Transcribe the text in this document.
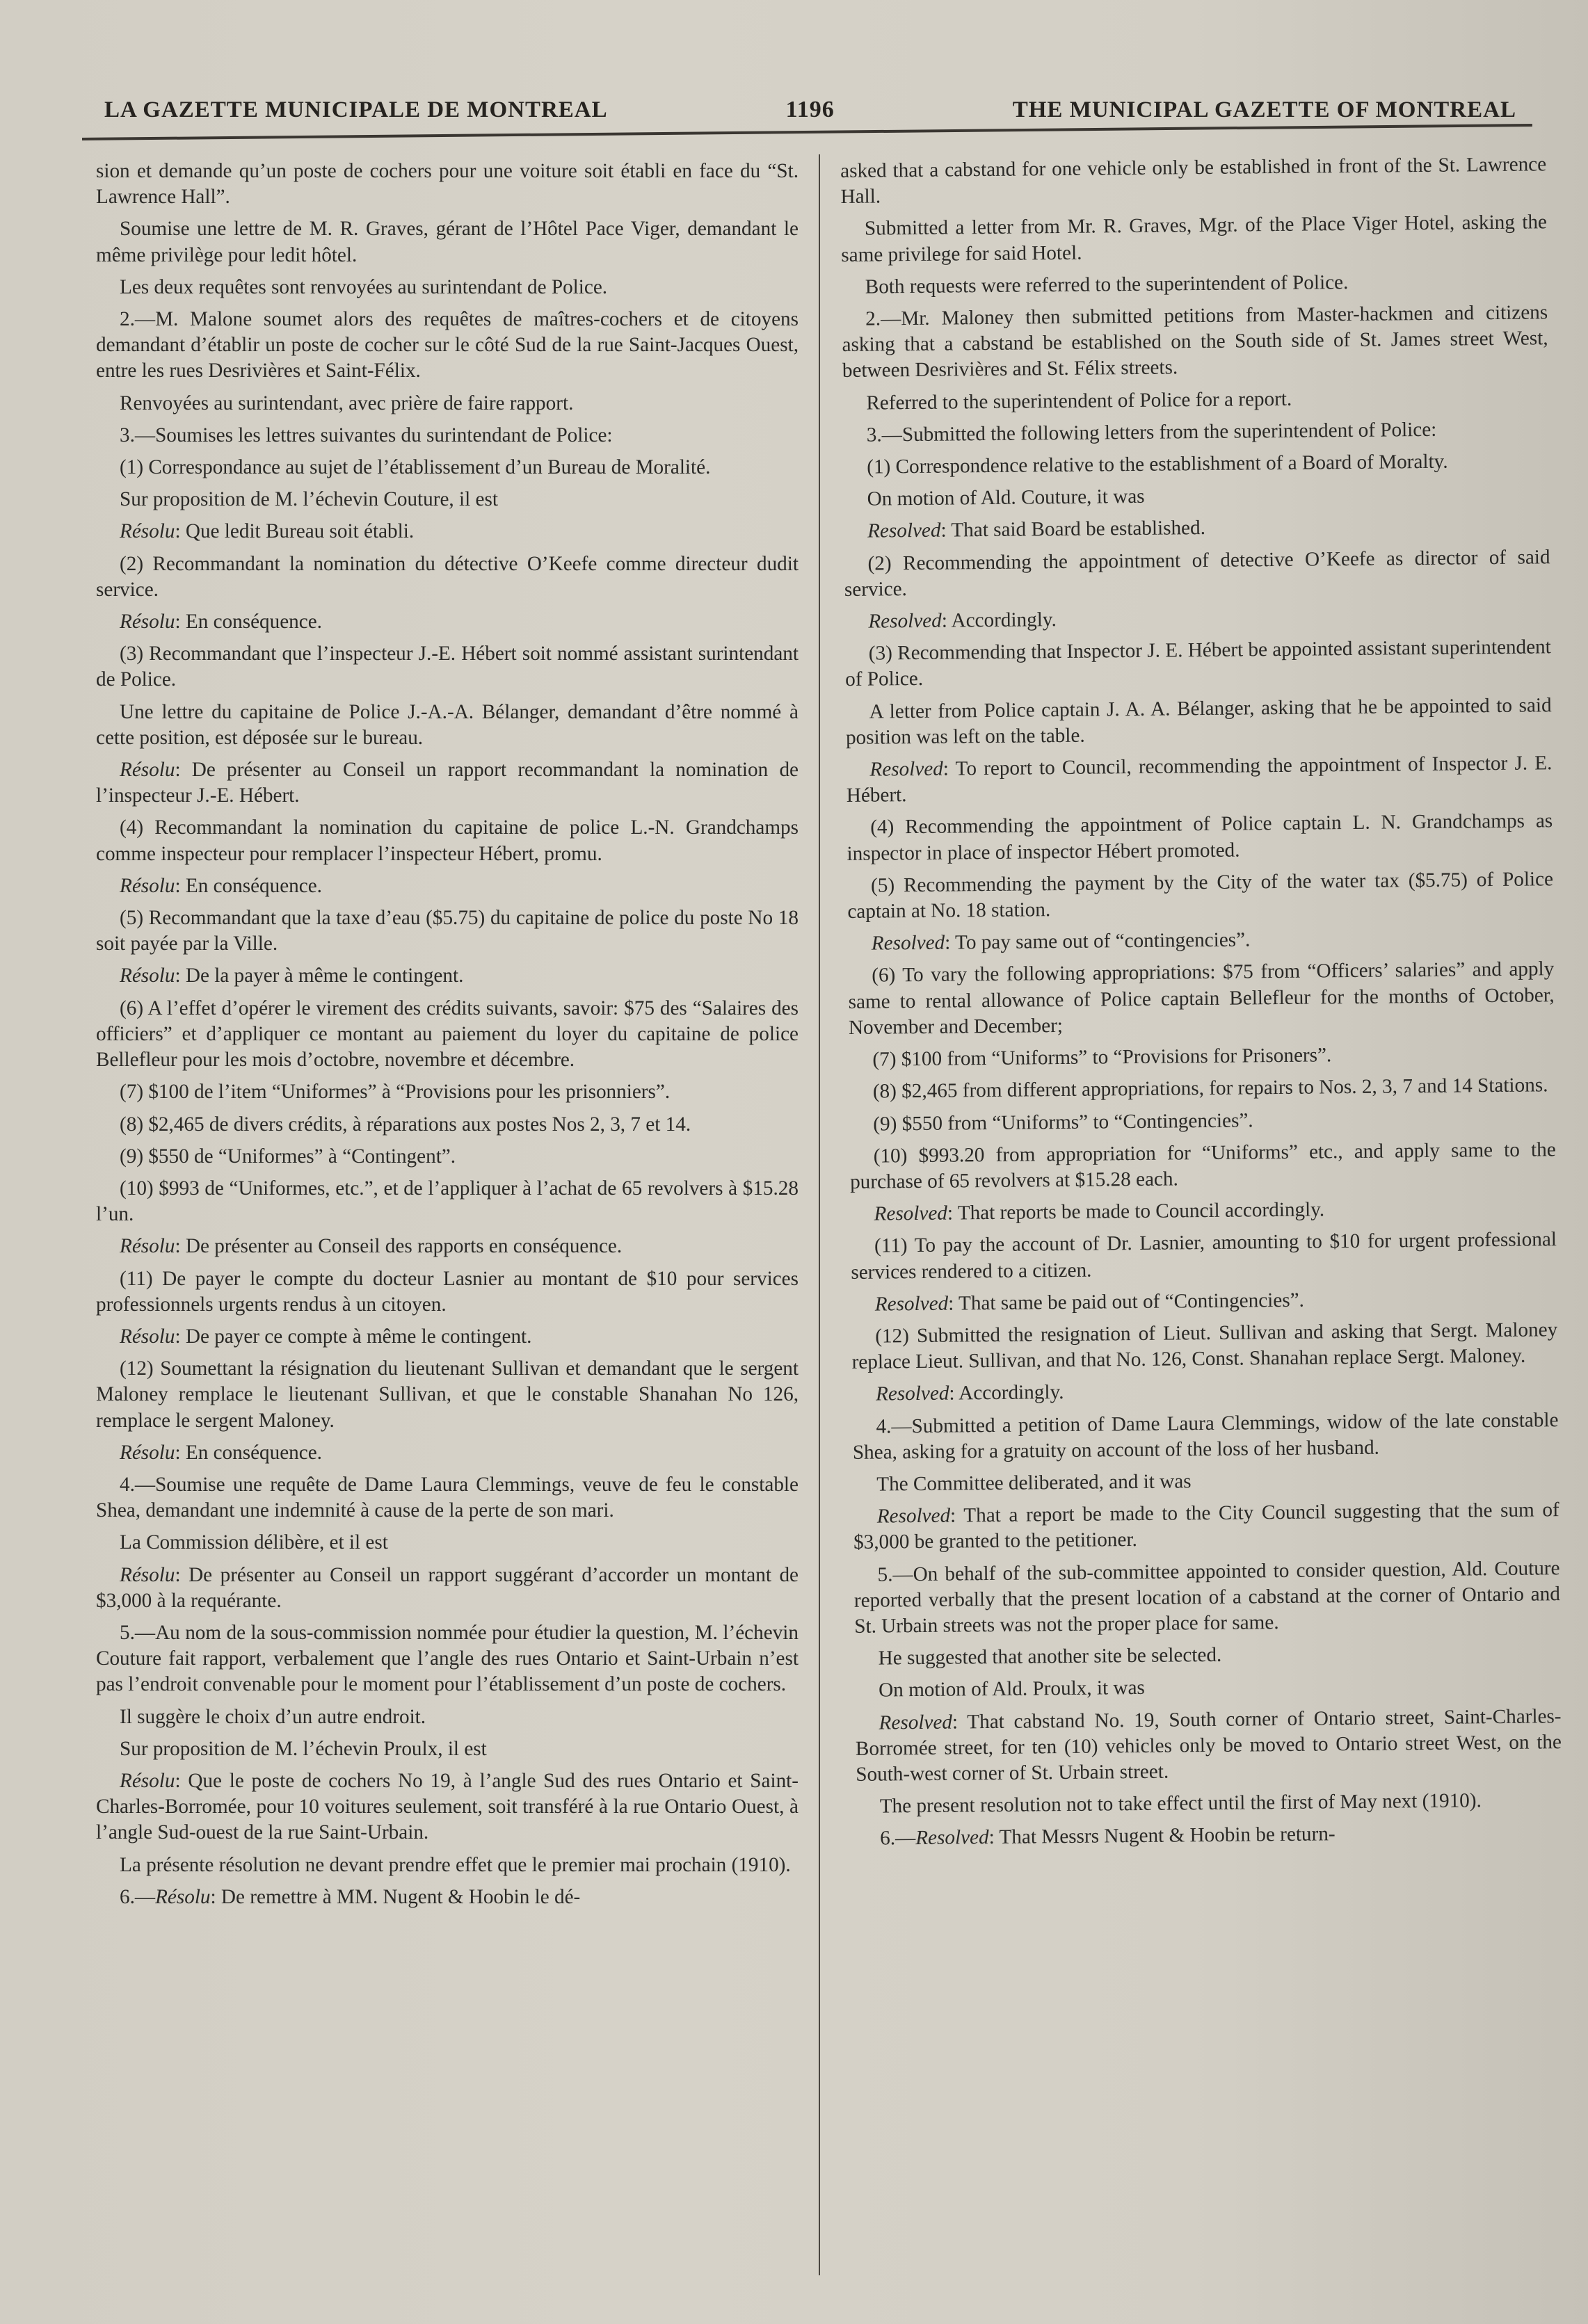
LA GAZETTE MUNICIPALE DE MONTREAL	1196	THE MUNICIPAL GAZETTE OF MONTREAL

sion et demande qu’un poste de cochers pour une voiture soit établi en face du “St. Lawrence Hall”.

Soumise une lettre de M. R. Graves, gérant de l’Hôtel Pace Viger, demandant le même privilège pour ledit hôtel.

Les deux requêtes sont renvoyées au surintendant de Police.

2.—M. Malone soumet alors des requêtes de maîtres-cochers et de citoyens demandant d’établir un poste de cocher sur le côté Sud de la rue Saint-Jacques Ouest, entre les rues Desrivières et Saint-Félix.

Renvoyées au surintendant, avec prière de faire rapport.

3.—Soumises les lettres suivantes du surintendant de Police:

(1) Correspondance au sujet de l’établissement d’un Bureau de Moralité.

Sur proposition de M. l’échevin Couture, il est

Résolu: Que ledit Bureau soit établi.

(2) Recommandant la nomination du détective O’Keefe comme directeur dudit service.

Résolu: En conséquence.

(3) Recommandant que l’inspecteur J.-E. Hébert soit nommé assistant surintendant de Police.

Une lettre du capitaine de Police J.-A.-A. Bélanger, demandant d’être nommé à cette position, est déposée sur le bureau.

Résolu: De présenter au Conseil un rapport recommandant la nomination de l’inspecteur J.-E. Hébert.

(4) Recommandant la nomination du capitaine de police L.-N. Grandchamps comme inspecteur pour remplacer l’inspecteur Hébert, promu.

Résolu: En conséquence.

(5) Recommandant que la taxe d’eau ($5.75) du capitaine de police du poste No 18 soit payée par la Ville.

Résolu: De la payer à même le contingent.

(6) A l’effet d’opérer le virement des crédits suivants, savoir: $75 des “Salaires des officiers” et d’appliquer ce montant au paiement du loyer du capitaine de police Bellefleur pour les mois d’octobre, novembre et décembre.

(7) $100 de l’item “Uniformes” à “Provisions pour les prisonniers”.

(8) $2,465 de divers crédits, à réparations aux postes Nos 2, 3, 7 et 14.

(9) $550 de “Uniformes” à “Contingent”.

(10) $993 de “Uniformes, etc.”, et de l’appliquer à l’achat de 65 revolvers à $15.28 l’un.

Résolu: De présenter au Conseil des rapports en conséquence.

(11) De payer le compte du docteur Lasnier au montant de $10 pour services professionnels urgents rendus à un citoyen.

Résolu: De payer ce compte à même le contingent.

(12) Soumettant la résignation du lieutenant Sullivan et demandant que le sergent Maloney remplace le lieutenant Sullivan, et que le constable Shanahan No 126, remplace le sergent Maloney.

Résolu: En conséquence.

4.—Soumise une requête de Dame Laura Clemmings, veuve de feu le constable Shea, demandant une indemnité à cause de la perte de son mari.

La Commission délibère, et il est

Résolu: De présenter au Conseil un rapport suggérant d’accorder un montant de $3,000 à la requérante.

5.—Au nom de la sous-commission nommée pour étudier la question, M. l’échevin Couture fait rapport, verbalement que l’angle des rues Ontario et Saint-Urbain n’est pas l’endroit convenable pour le moment pour l’établissement d’un poste de cochers.

Il suggère le choix d’un autre endroit.

Sur proposition de M. l’échevin Proulx, il est

Résolu: Que le poste de cochers No 19, à l’angle Sud des rues Ontario et Saint-Charles-Borromée, pour 10 voitures seulement, soit transféré à la rue Ontario Ouest, à l’angle Sud-ouest de la rue Saint-Urbain.

La présente résolution ne devant prendre effet que le premier mai prochain (1910).

6.—Résolu: De remettre à MM. Nugent & Hoobin le dé-

asked that a cabstand for one vehicle only be established in front of the St. Lawrence Hall.

Submitted a letter from Mr. R. Graves, Mgr. of the Place Viger Hotel, asking the same privilege for said Hotel.

Both requests were referred to the superintendent of Police.

2.—Mr. Maloney then submitted petitions from Master-hackmen and citizens asking that a cabstand be established on the South side of St. James street West, between Desrivières and St. Félix streets.

Referred to the superintendent of Police for a report.

3.—Submitted the following letters from the superintendent of Police:

(1) Correspondence relative to the establishment of a Board of Moralty.

On motion of Ald. Couture, it was

Resolved: That said Board be established.

(2) Recommending the appointment of detective O’Keefe as director of said service.

Resolved: Accordingly.

(3) Recommending that Inspector J. E. Hébert be appointed assistant superintendent of Police.

A letter from Police captain J. A. A. Bélanger, asking that he be appointed to said position was left on the table.

Resolved: To report to Council, recommending the appointment of Inspector J. E. Hébert.

(4) Recommending the appointment of Police captain L. N. Grandchamps as inspector in place of inspector Hébert promoted.

(5) Recommending the payment by the City of the water tax ($5.75) of Police captain at No. 18 station.

Resolved: To pay same out of “contingencies”.

(6) To vary the following appropriations: $75 from “Officers’ salaries” and apply same to rental allowance of Police captain Bellefleur for the months of October, November and December;

(7) $100 from “Uniforms” to “Provisions for Prisoners”.

(8) $2,465 from different appropriations, for repairs to Nos. 2, 3, 7 and 14 Stations.

(9) $550 from “Uniforms” to “Contingencies”.

(10) $993.20 from appropriation for “Uniforms” etc., and apply same to the purchase of 65 revolvers at $15.28 each.

Resolved: That reports be made to Council accordingly.

(11) To pay the account of Dr. Lasnier, amounting to $10 for urgent professional services rendered to a citizen.

Resolved: That same be paid out of “Contingencies”.

(12) Submitted the resignation of Lieut. Sullivan and asking that Sergt. Maloney replace Lieut. Sullivan, and that No. 126, Const. Shanahan replace Sergt. Maloney.

Resolved: Accordingly.

4.—Submitted a petition of Dame Laura Clemmings, widow of the late constable Shea, asking for a gratuity on account of the loss of her husband.

The Committee deliberated, and it was

Resolved: That a report be made to the City Council suggesting that the sum of $3,000 be granted to the petitioner.

5.—On behalf of the sub-committee appointed to consider question, Ald. Couture reported verbally that the present location of a cabstand at the corner of Ontario and St. Urbain streets was not the proper place for same.

He suggested that another site be selected.

On motion of Ald. Proulx, it was

Resolved: That cabstand No. 19, South corner of Ontario street, Saint-Charles-Borromée street, for ten (10) vehicles only be moved to Ontario street West, on the South-west corner of St. Urbain street.

The present resolution not to take effect until the first of May next (1910).

6.—Resolved: That Messrs Nugent & Hoobin be return-
